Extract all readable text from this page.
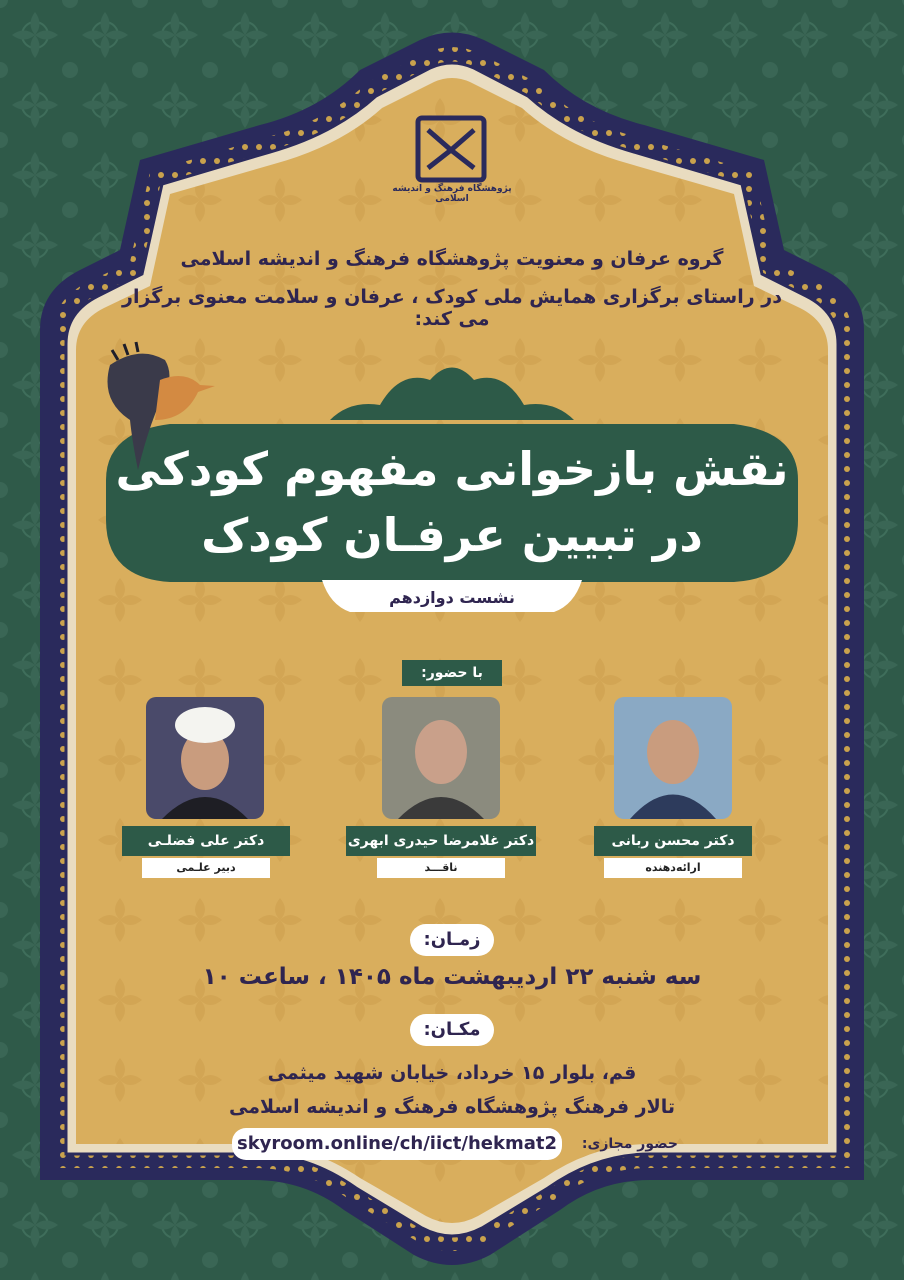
پژوهشگاه فرهنگ و اندیشه اسلامی
گروه عرفان و معنویت پژوهشگاه فرهنگ و اندیشه اسلامی
در راستای برگزاری همایش ملی کودک ، عرفان و سلامت معنوی برگزار می کند:
نقش بازخوانی مفهوم کودکی
در تبیین عرفـان کودک
نشست دوازدهم
با حضور:
دکتر محسن ربانی
ارائه‌دهنده
دکتر غلامرضا حیدری ابهری
ناقـــد
دکتر علی فضلـی
دبیر علـمی
زمـان:
سه شنبه ۲۲ اردیبهشت ماه ۱۴۰۵ ، ساعت ۱۰
مکـان:
قم، بلوار ۱۵ خرداد، خیابان شهید میثمی
تالار فرهنگ پژوهشگاه فرهنگ و اندیشه اسلامی
حضور مجازی:
skyroom.online/ch/iict/hekmat2
